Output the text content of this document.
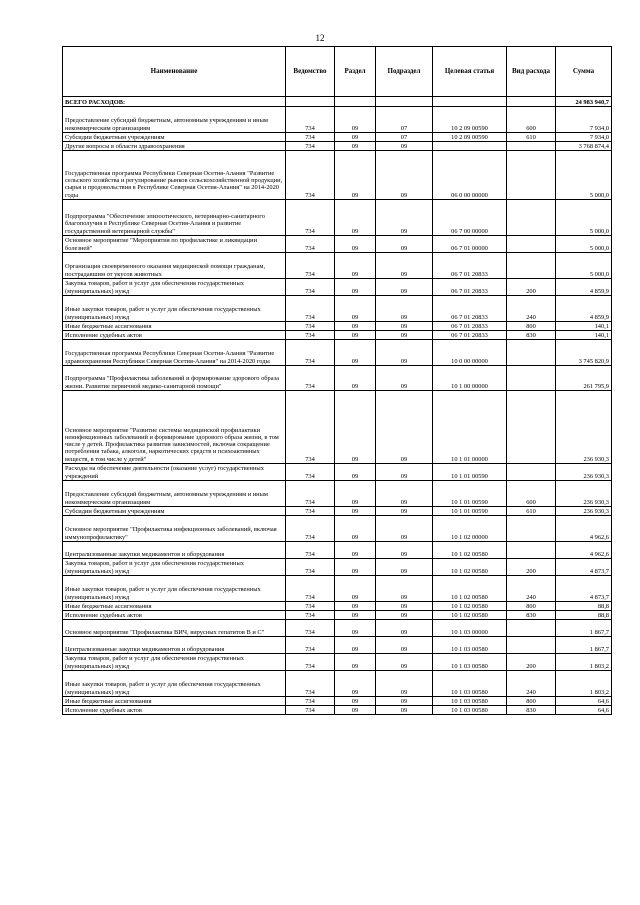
12
Наименование	Ведомство	Раздел	Подраздел	Целевая статья	Вид расхода	Сумма
ВСЕГО РАСХОДОВ:						24 983 940,7
Предоставление субсидий бюджетным, автономным учреждениям и иным некоммерческим организациям	734	09	07	10 2 09 00590	600	7 934,0
Субсидии бюджетным учреждениям	734	09	07	10 2 09 00590	610	7 934,0
Другие вопросы в области здравоохранения	734	09	09			3 768 874,4
Государственная программа Республики Северная Осетия-Алания "Развитие сельского хозяйства и регулирование рынков сельскохозяйственной продукции, сырья и продовольствия в Республике Северная Осетия-Алания" на 2014-2020 годы	734	09	09	06 0 00 00000		5 000,0
Подпрограмма "Обеспечение эпизоотического, ветеринарно-санитарного благополучия в Республике Северная Осетия-Алания и развитие государственной ветеринарной службы"	734	09	09	06 7 00 00000		5 000,0
Основное мероприятие "Мероприятия по профилактике и ликвидации болезней"	734	09	09	06 7 01 00000		5 000,0
Организация своевременного оказания медицинской помощи гражданам, пострадавшим от укусов животных	734	09	09	06 7 01 20833		5 000,0
Закупка товаров, работ и услуг для обеспечения государственных (муниципальных) нужд	734	09	09	06 7 01 20833	200	4 859,9
Иные закупки товаров, работ и услуг для обеспечения государственных (муниципальных) нужд	734	09	09	06 7 01 20833	240	4 859,9
Иные бюджетные ассигнования	734	09	09	06 7 01 20833	800	140,1
Исполнение судебных актов	734	09	09	06 7 01 20833	830	140,1
Государственная программа Республики Северная Осетия-Алания "Развитие здравоохранения Республики Северная Осетия-Алания" на 2014-2020 годы	734	09	09	10 0 00 00000		3 745 820,9
Подпрограмма "Профилактика заболеваний и формирование здорового образа жизни. Развитие первичной медико-санитарной помощи"	734	09	09	10 1 00 00000		261 795,9
Основное мероприятие "Развитие системы медицинской профилактики неинфекционных заболеваний и формирование здорового образа жизни, в том числе у детей. Профилактика развития зависимостей, включая сокращение потребления табака, алкоголя, наркотических средств и психоактивных веществ, в том числе у детей"	734	09	09	10 1 01 00000		236 930,3
Расходы на обеспечение деятельности (оказание услуг) государственных учреждений	734	09	09	10 1 01 00590		236 930,3
Предоставление субсидий бюджетным, автономным учреждениям и иным некоммерческим организациям	734	09	09	10 1 01 00590	600	236 930,3
Субсидии бюджетным учреждениям	734	09	09	10 1 01 00590	610	236 930,3
Основное мероприятие "Профилактика инфекционных заболеваний, включая иммунопрофилактику"	734	09	09	10 1 02 00000		4 962,6
Централизованные закупки медикаментов и оборудования	734	09	09	10 1 02 00580		4 962,6
Закупка товаров, работ и услуг для обеспечения государственных (муниципальных) нужд	734	09	09	10 1 02 00580	200	4 873,7
Иные закупки товаров, работ и услуг для обеспечения государственных (муниципальных) нужд	734	09	09	10 1 02 00580	240	4 873,7
Иные бюджетные ассигнования	734	09	09	10 1 02 00580	800	88,8
Исполнение судебных актов	734	09	09	10 1 02 00580	830	88,8
Основное мероприятие "Профилактика ВИЧ, вирусных гепатитов В и С"	734	09	09	10 1 03 00000		1 867,7
Централизованные закупки медикаментов и оборудования	734	09	09	10 1 03 00580		1 867,7
Закупка товаров, работ и услуг для обеспечения государственных (муниципальных) нужд	734	09	09	10 1 03 00580	200	1 803,2
Иные закупки товаров, работ и услуг для обеспечения государственных (муниципальных) нужд	734	09	09	10 1 03 00580	240	1 803,2
Иные бюджетные ассигнования	734	09	09	10 1 03 00580	800	64,6
Исполнение судебных актов	734	09	09	10 1 03 00580	830	64,6
